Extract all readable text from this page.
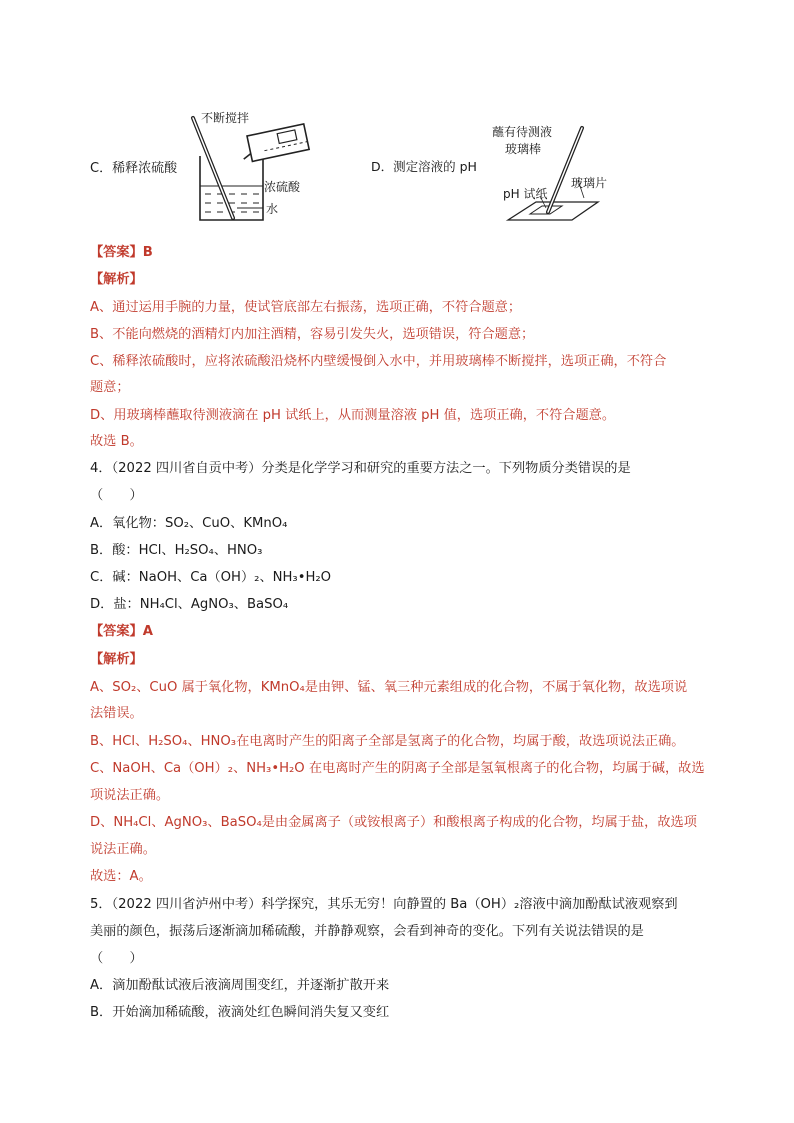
C．稀释浓硫酸
不断搅拌
浓硫酸
水
D．测定溶液的 pH
蘸有待测液
玻璃棒
玻璃片
pH 试纸
【答案】B
【解析】
A、通过运用手腕的力量，使试管底部左右振荡，选项正确，不符合题意；
B、不能向燃烧的酒精灯内加注酒精，容易引发失火，选项错误，符合题意；
C、稀释浓硫酸时，应将浓硫酸沿烧杯内壁缓慢倒入水中，并用玻璃棒不断搅拌，选项正确，不符合
题意；
D、用玻璃棒蘸取待测液滴在 pH 试纸上，从而测量溶液 pH 值，选项正确，不符合题意。
故选 B。
4．（2022 四川省自贡中考）分类是化学学习和研究的重要方法之一。下列物质分类错误的是
（　　）
A．氧化物：SO₂、CuO、KMnO₄
B．酸：HCl、H₂SO₄、HNO₃
C．碱：NaOH、Ca（OH）₂、NH₃•H₂O
D．盐：NH₄Cl、AgNO₃、BaSO₄
【答案】A
【解析】
A、SO₂、CuO 属于氧化物，KMnO₄是由钾、锰、氧三种元素组成的化合物，不属于氧化物，故选项说
法错误。
B、HCl、H₂SO₄、HNO₃在电离时产生的阳离子全部是氢离子的化合物，均属于酸，故选项说法正确。
C、NaOH、Ca（OH）₂、NH₃•H₂O 在电离时产生的阴离子全部是氢氧根离子的化合物，均属于碱，故选
项说法正确。
D、NH₄Cl、AgNO₃、BaSO₄是由金属离子（或铵根离子）和酸根离子构成的化合物，均属于盐，故选项
说法正确。
故选：A。
5．（2022 四川省泸州中考）科学探究，其乐无穷！向静置的 Ba（OH）₂溶液中滴加酚酞试液观察到
美丽的颜色，振荡后逐渐滴加稀硫酸，并静静观察，会看到神奇的变化。下列有关说法错误的是
（　　）
A．滴加酚酞试液后液滴周围变红，并逐渐扩散开来
B．开始滴加稀硫酸，液滴处红色瞬间消失复又变红
